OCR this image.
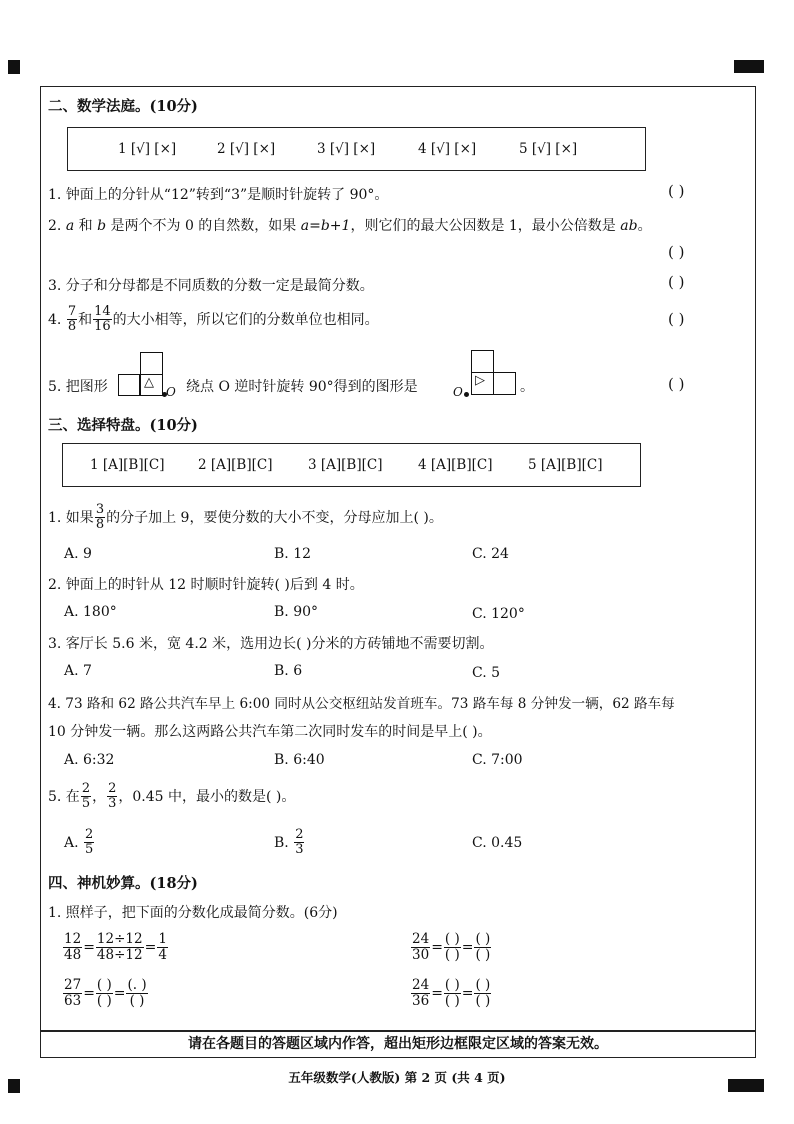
二、数学法庭。(10分)
1 [√] [×]	2 [√] [×]	3 [√] [×]	4 [√] [×]	5 [√] [×]
1. 钟面上的分针从“12”转到“3”是顺时针旋转了 90°。	( )
2. a 和 b 是两个不为 0 的自然数，如果 a=b+1，则它们的最大公因数是 1，最小公倍数是 ab。
( )
3. 分子和分母都是不同质数的分数一定是最简分数。	( )
4. $\frac{7}{8}$ 和 $\frac{14}{16}$ 的大小相等，所以它们的分数单位也相同。	( )
5. 把图形	△
O 绕点 O 逆时针旋转 90°得到的图形是	O
▷	。	( )
三、选择特盘。(10分)
1 [A][B][C] 2 [A][B][C]	3 [A][B][C]	4 [A][B][C]	5 [A][B][C]
1. 如果 $\frac{3}{8}$ 的分子加上 9，要使分数的大小不变，分母应加上( )。
A. 9	B. 12	C. 24
2. 钟面上的时针从 12 时顺时针旋转( )后到 4 时。
A. 180°	B. 90°	C. 120°
3. 客厅长 5.6 米，宽 4.2 米，选用边长( )分米的方砖铺地不需要切割。
A. 7	B. 6	C. 5
4. 73 路和 62 路公共汽车早上 6:00 同时从公交枢纽站发首班车。73 路车每 8 分钟发一辆，62 路车每
10 分钟发一辆。那么这两路公共汽车第二次同时发车的时间是早上( )。
A. 6:32	B. 6:40	C. 7:00
5. 在 $\frac{2}{5}$ ， $\frac{2}{3}$ ，0.45 中，最小的数是( )。
A. $\frac{2}{5}$	B. $\frac{2}{3}$	C. 0.45
四、神机妙算。(18分)
1. 照样子，把下面的分数化成最简分数。(6分)
$\frac{12}{48} = \frac{12\div 12}{48\div 12} = \frac{1}{4}$	$\frac{24}{30} = \frac{( )}{( )} = \frac{( )}{( )}$
$\frac{27}{63} = \frac{( )}{( )} = \frac{(. )}{( )}$	$\frac{24}{36} = \frac{( )}{( )} = \frac{( )}{( )}$
请在各题目的答题区域内作答，超出矩形边框限定区域的答案无效。
五年级数学(人教版) 第 2 页 (共 4 页)
